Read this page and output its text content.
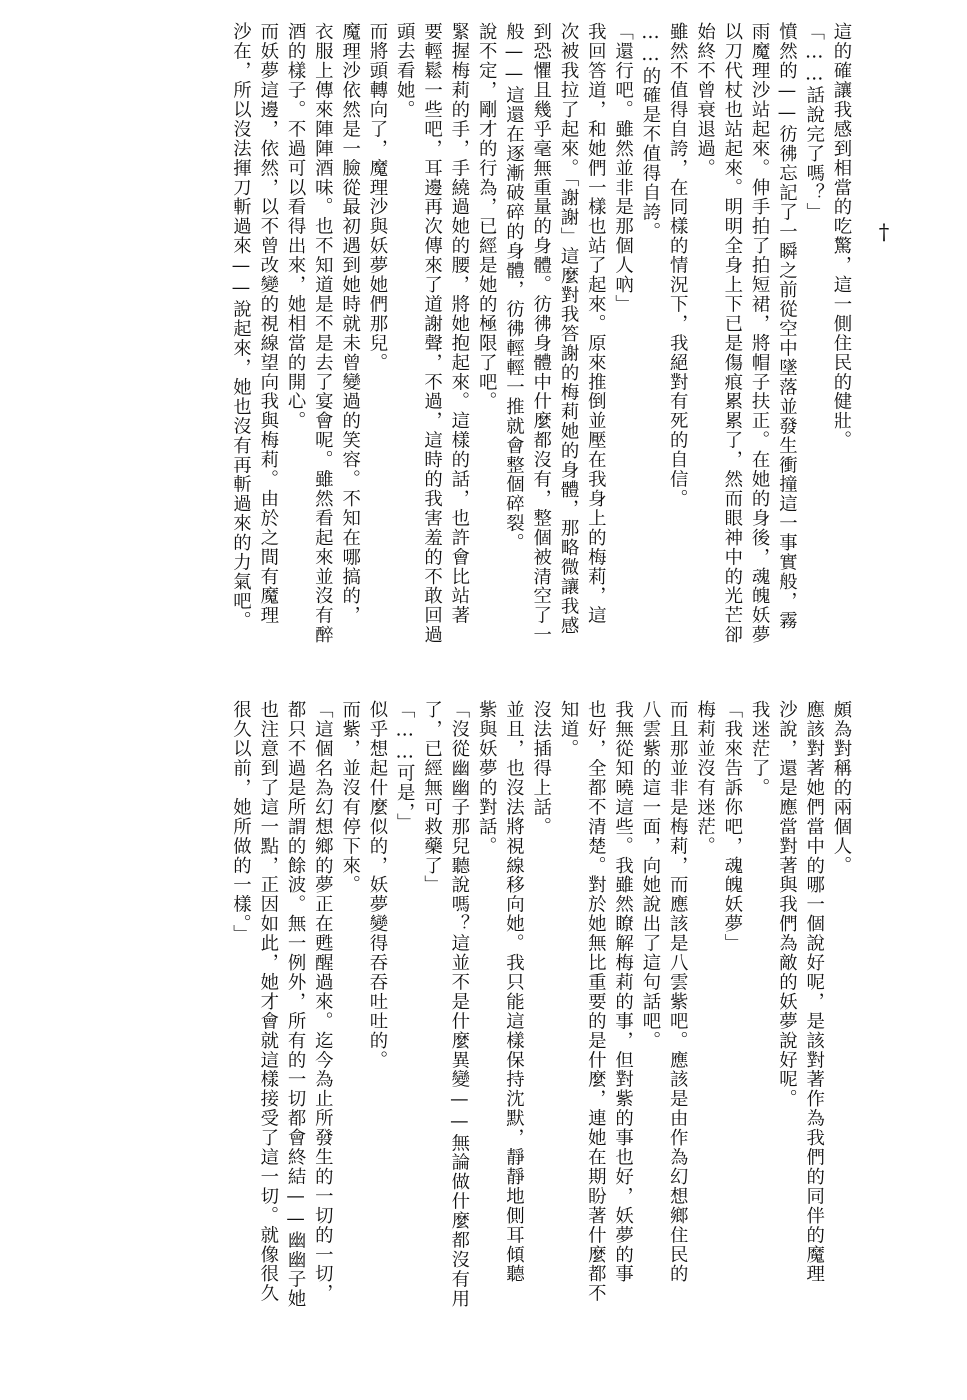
†
這的確讓我感到相當的吃驚，這一側住民的健壯。
「……話說完了嗎？」
憤然的——彷彿忘記了一瞬之前從空中墜落並發生衝撞這一事實般，霧
雨魔理沙站起來。伸手拍了拍短裙，將帽子扶正。在她的身後，魂魄妖夢
以刀代杖也站起來。明明全身上下已是傷痕累累了，然而眼神中的光芒卻
始終不曾衰退過。
雖然不值得自誇，在同樣的情況下，我絕對有死的自信。
……的確是不值得自誇。
「還行吧。雖然並非是那個人吶」
我回答道，和她們一樣也站了起來。原來推倒並壓在我身上的梅莉，這
次被我拉了起來。「謝謝」這麼對我答謝的梅莉她的身體，那略微讓我感
到恐懼且幾乎毫無重量的身體。彷彿身體中什麼都沒有，整個被清空了一
般——這還在逐漸破碎的身體，彷彿輕輕一推就會整個碎裂。
說不定，剛才的行為，已經是她的極限了吧。
緊握梅莉的手，手繞過她的腰，將她抱起來。這樣的話，也許會比站著
要輕鬆一些吧，耳邊再次傳來了道謝聲，不過，這時的我害羞的不敢回過
頭去看她。
而將頭轉向了，魔理沙與妖夢她們那兒。
魔理沙依然是一臉從最初遇到她時就未曾變過的笑容。不知在哪搞的，
衣服上傳來陣陣酒味。也不知道是不是去了宴會呢。雖然看起來並沒有醉
酒的樣子。不過可以看得出來，她相當的開心。
而妖夢這邊，依然，以不曾改變的視線望向我與梅莉。由於之間有魔理
沙在，所以沒法揮刀斬過來——說起來，她也沒有再斬過來的力氣吧。
頗為對稱的兩個人。
應該對著她們當中的哪一個說好呢，是該對著作為我們的同伴的魔理
沙說，還是應當對著與我們為敵的妖夢說好呢。
我迷茫了。
「我來告訴你吧，魂魄妖夢」
梅莉並沒有迷茫。
而且那並非是梅莉，而應該是八雲紫吧。應該是由作為幻想鄉住民的
八雲紫的這一面，向她說出了這句話吧。
我無從知曉這些。我雖然瞭解梅莉的事，但對紫的事也好，妖夢的事
也好，全都不清楚。對於她無比重要的是什麼，連她在期盼著什麼都不
知道。
沒法插得上話。
並且，也沒法將視線移向她。我只能這樣保持沈默，靜靜地側耳傾聽
紫與妖夢的對話。
「沒從幽幽子那兒聽說嗎？這並不是什麼異變——無論做什麼都沒有用
了，已經無可救藥了」
「……可是，」
似乎想起什麼似的，妖夢變得吞吞吐吐的。
而紫，並沒有停下來。
「這個名為幻想鄉的夢正在甦醒過來。迄今為止所發生的一切的一切，
都只不過是所謂的餘波。無一例外，所有的一切都會終結——幽幽子她
也注意到了這一點，正因如此，她才會就這樣接受了這一切。就像很久
很久以前，她所做的一樣。」
